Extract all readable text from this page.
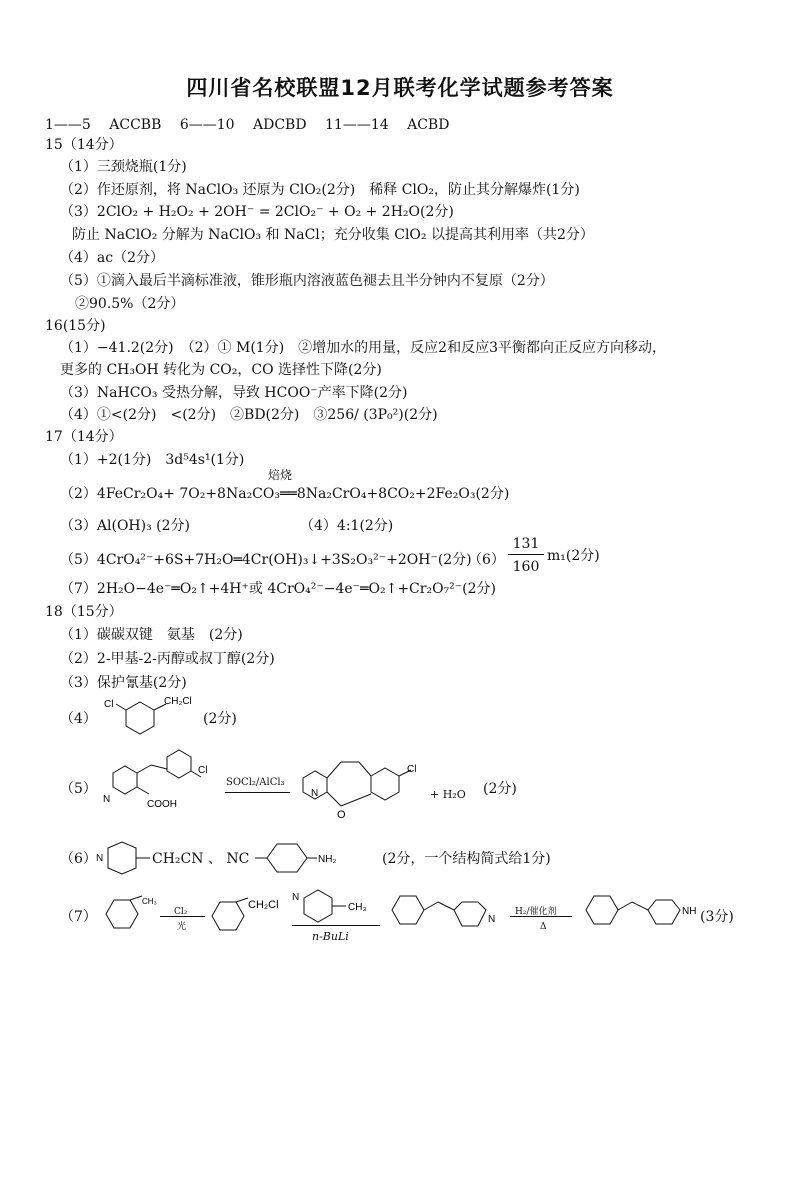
四川省名校联盟12月联考化学试题参考答案
1——5 ACCBB 6——10 ADCBD 11——14 ACBD
15（14分）
（1）三颈烧瓶(1分)
（2）作还原剂，将 NaClO₃ 还原为 ClO₂(2分)　稀释 ClO₂，防止其分解爆炸(1分)
（3）2ClO₂ + H₂O₂ + 2OH⁻ = 2ClO₂⁻ + O₂ + 2H₂O(2分)
防止 NaClO₂ 分解为 NaClO₃ 和 NaCl；充分收集 ClO₂ 以提高其利用率（共2分）
（4）ac（2分）
（5）①滴入最后半滴标准液，锥形瓶内溶液蓝色褪去且半分钟内不复原（2分）
②90.5%（2分）
16(15分)
（1）−41.2(2分)　（2）① M(1分)　②增加水的用量，反应2和反应3平衡都向正反应方向移动，
更多的 CH₃OH 转化为 CO₂，CO 选择性下降(2分)
（3）NaHCO₃ 受热分解，导致 HCOO⁻产率下降(2分)
（4）①<(2分)　<(2分)　②BD(2分)　③256/ (3P₀²)(2分)
17（14分）
（1）+2(1分)　3d⁵4s¹(1分)
焙烧
（2）4FeCr₂O₄+ 7O₂+8Na₂CO₃══8Na₂CrO₄+8CO₂+2Fe₂O₃(2分)
（3）Al(OH)₃ (2分)	（4）4:1(2分)
（5）4CrO₄²⁻+6S+7H₂O═4Cr(OH)₃↓+3S₂O₃²⁻+2OH⁻(2分)
（6）
131
160
m₁(2分)
（7）2H₂O−4e⁻═O₂↑+4H⁺或 4CrO₄²⁻−4e⁻═O₂↑+Cr₂O₇²⁻(2分)
18（15分）
（1）碳碳双键　氨基　(2分)
（2）2-甲基-2-丙醇或叔丁醇(2分)
（3）保护氰基(2分)
（4）
Cl	CH₂Cl
(2分)
（5）
N	COOH
Cl
SOCl₂/AlCl₃
N
O
Cl
+ H₂O (2分)
（6） N	CH₂CN 、 NC	NH₂	(2分，一个结构简式给1分)
（7）
CH₃
Cl₂
光
CH₂Cl
N
CH₃
n-BuLi
N
H₂/催化剂
Δ
NH (3分)
